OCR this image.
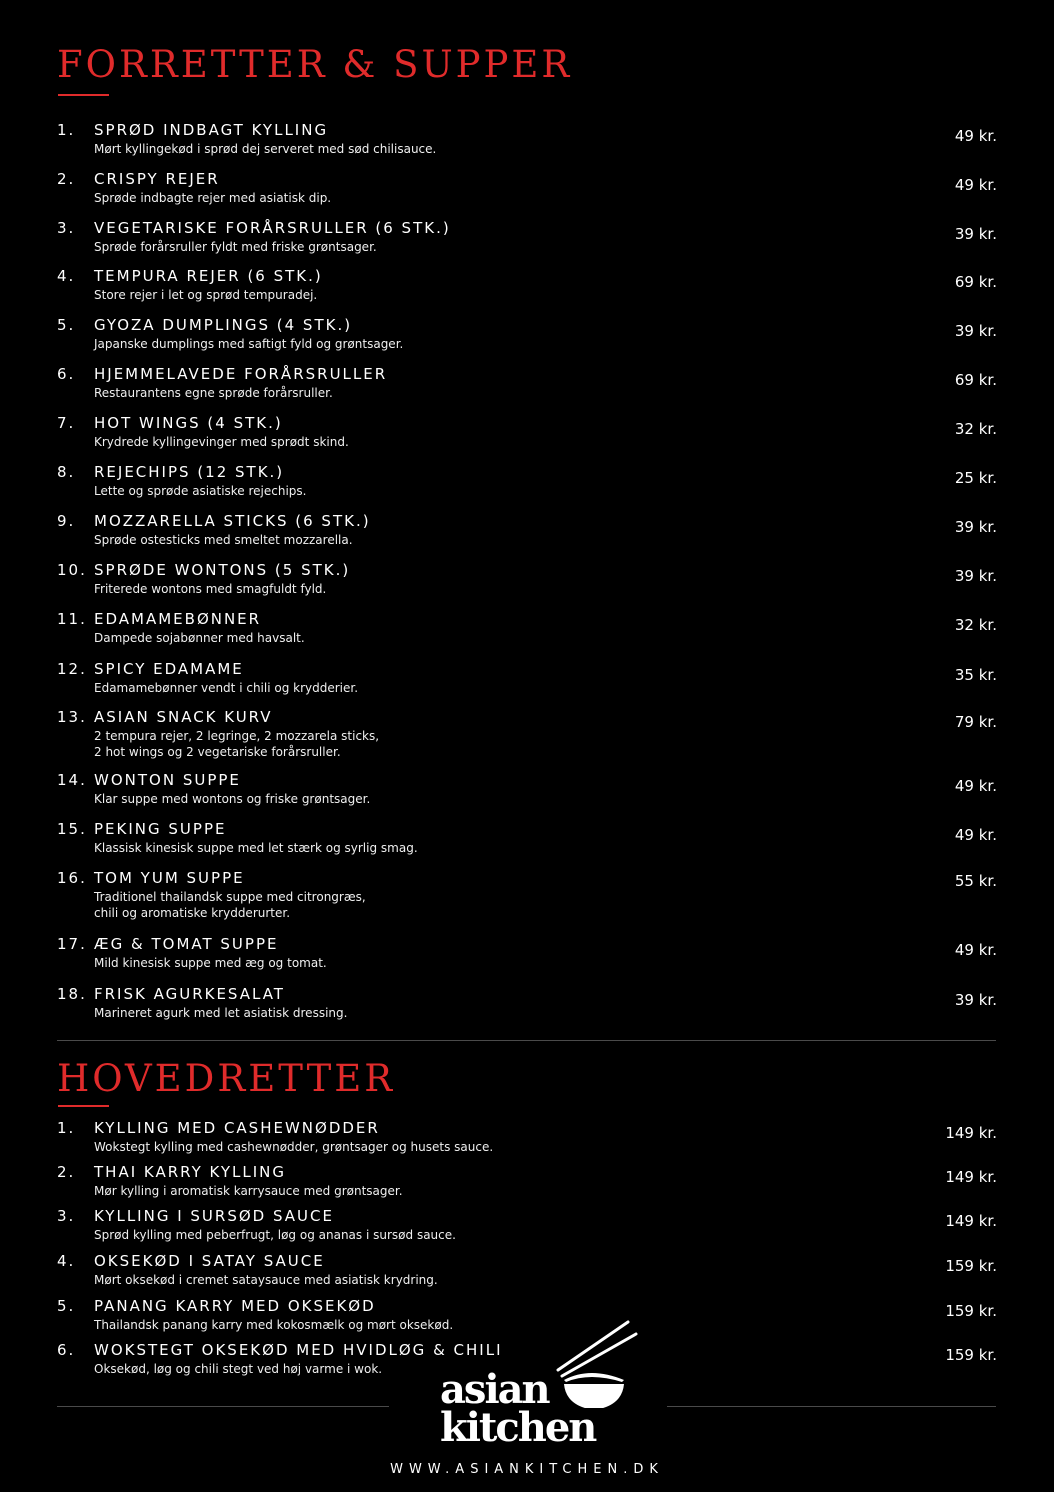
FORRETTER & SUPPER
1. SPRØD INDBAGT KYLLING
Mørt kyllingekød i sprød dej serveret med sød chilisauce.
49 kr.
2. CRISPY REJER
Sprøde indbagte rejer med asiatisk dip.
49 kr.
3. VEGETARISKE FORÅRSRULLER (6 STK.)
Sprøde forårsruller fyldt med friske grøntsager.
39 kr.
4. TEMPURA REJER (6 STK.)
Store rejer i let og sprød tempuradej.
69 kr.
5. GYOZA DUMPLINGS (4 STK.)
Japanske dumplings med saftigt fyld og grøntsager.
39 kr.
6. HJEMMELAVEDE FORÅRSRULLER
Restaurantens egne sprøde forårsruller.
69 kr.
7. HOT WINGS (4 STK.)
Krydrede kyllingevinger med sprødt skind.
32 kr.
8. REJECHIPS (12 STK.)
Lette og sprøde asiatiske rejechips.
25 kr.
9. MOZZARELLA STICKS (6 STK.)
Sprøde ostesticks med smeltet mozzarella.
39 kr.
10. SPRØDE WONTONS (5 STK.)
Friterede wontons med smagfuldt fyld.
39 kr.
11. EDAMAMEBØNNER
Dampede sojabønner med havsalt.
32 kr.
12. SPICY EDAMAME
Edamamebønner vendt i chili og krydderier.
35 kr.
13. ASIAN SNACK KURV
2 tempura rejer, 2 legringe, 2 mozzarela sticks,
2 hot wings og 2 vegetariske forårsruller.
79 kr.
14. WONTON SUPPE
Klar suppe med wontons og friske grøntsager.
49 kr.
15. PEKING SUPPE
Klassisk kinesisk suppe med let stærk og syrlig smag.
49 kr.
16. TOM YUM SUPPE
Traditionel thailandsk suppe med citrongræs,
chili og aromatiske krydderurter.
55 kr.
17. ÆG & TOMAT SUPPE
Mild kinesisk suppe med æg og tomat.
49 kr.
18. FRISK AGURKESALAT
Marineret agurk med let asiatisk dressing.
39 kr.
HOVEDRETTER
1. KYLLING MED CASHEWNØDDER
Wokstegt kylling med cashewnødder, grøntsager og husets sauce.
149 kr.
2. THAI KARRY KYLLING
Mør kylling i aromatisk karrysauce med grøntsager.
149 kr.
3. KYLLING I SURSØD SAUCE
Sprød kylling med peberfrugt, løg og ananas i sursød sauce.
149 kr.
4. OKSEKØD I SATAY SAUCE
Mørt oksekød i cremet sataysauce med asiatisk krydring.
159 kr.
5. PANANG KARRY MED OKSEKØD
Thailandsk panang karry med kokosmælk og mørt oksekød.
159 kr.
6. WOKSTEGT OKSEKØD MED HVIDLØG & CHILI
Oksekød, løg og chili stegt ved høj varme i wok.
159 kr.
asian
kitchen
WWW.ASIANKITCHEN.DK
